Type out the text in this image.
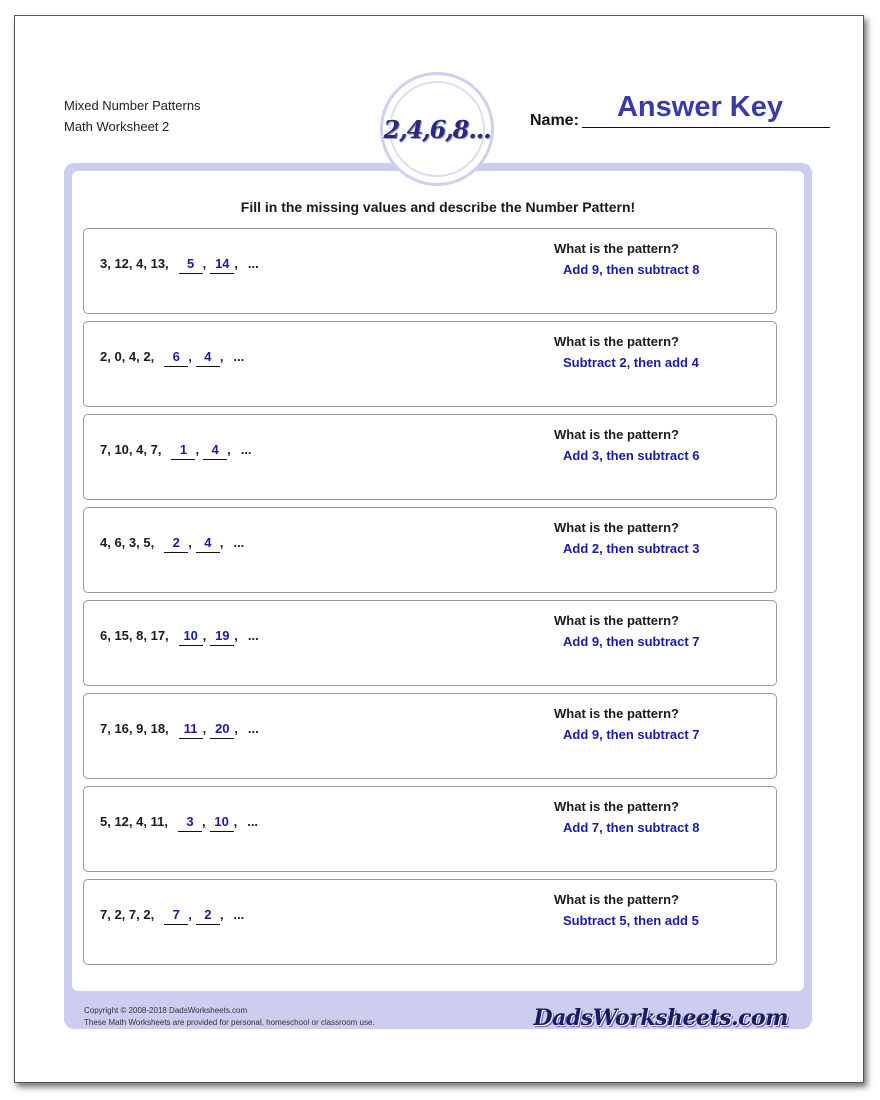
Mixed Number Patterns
Math Worksheet 2	2,4,6,8... Name:	Answer Key
Fill in the missing values and describe the Number Pattern!
3, 12, 4, 13, 5 , 14 , ...
What is the pattern?
Add 9, then subtract 8
2, 0, 4, 2, 6 , 4 , ...
What is the pattern?
Subtract 2, then add 4
7, 10, 4, 7, 1 , 4 , ...
What is the pattern?
Add 3, then subtract 6
4, 6, 3, 5, 2 , 4 , ...
What is the pattern?
Add 2, then subtract 3
6, 15, 8, 17, 10 , 19 , ...
What is the pattern?
Add 9, then subtract 7
7, 16, 9, 18, 11 , 20 , ...
What is the pattern?
Add 9, then subtract 7
5, 12, 4, 11, 3 , 10 , ...
What is the pattern?
Add 7, then subtract 8
7, 2, 7, 2, 7 , 2 , ...
What is the pattern?
Subtract 5, then add 5
Copyright © 2008-2018 DadsWorksheets.com
These Math Worksheets are provided for personal, homeschool or classroom use.	DadsWorksheets.com
